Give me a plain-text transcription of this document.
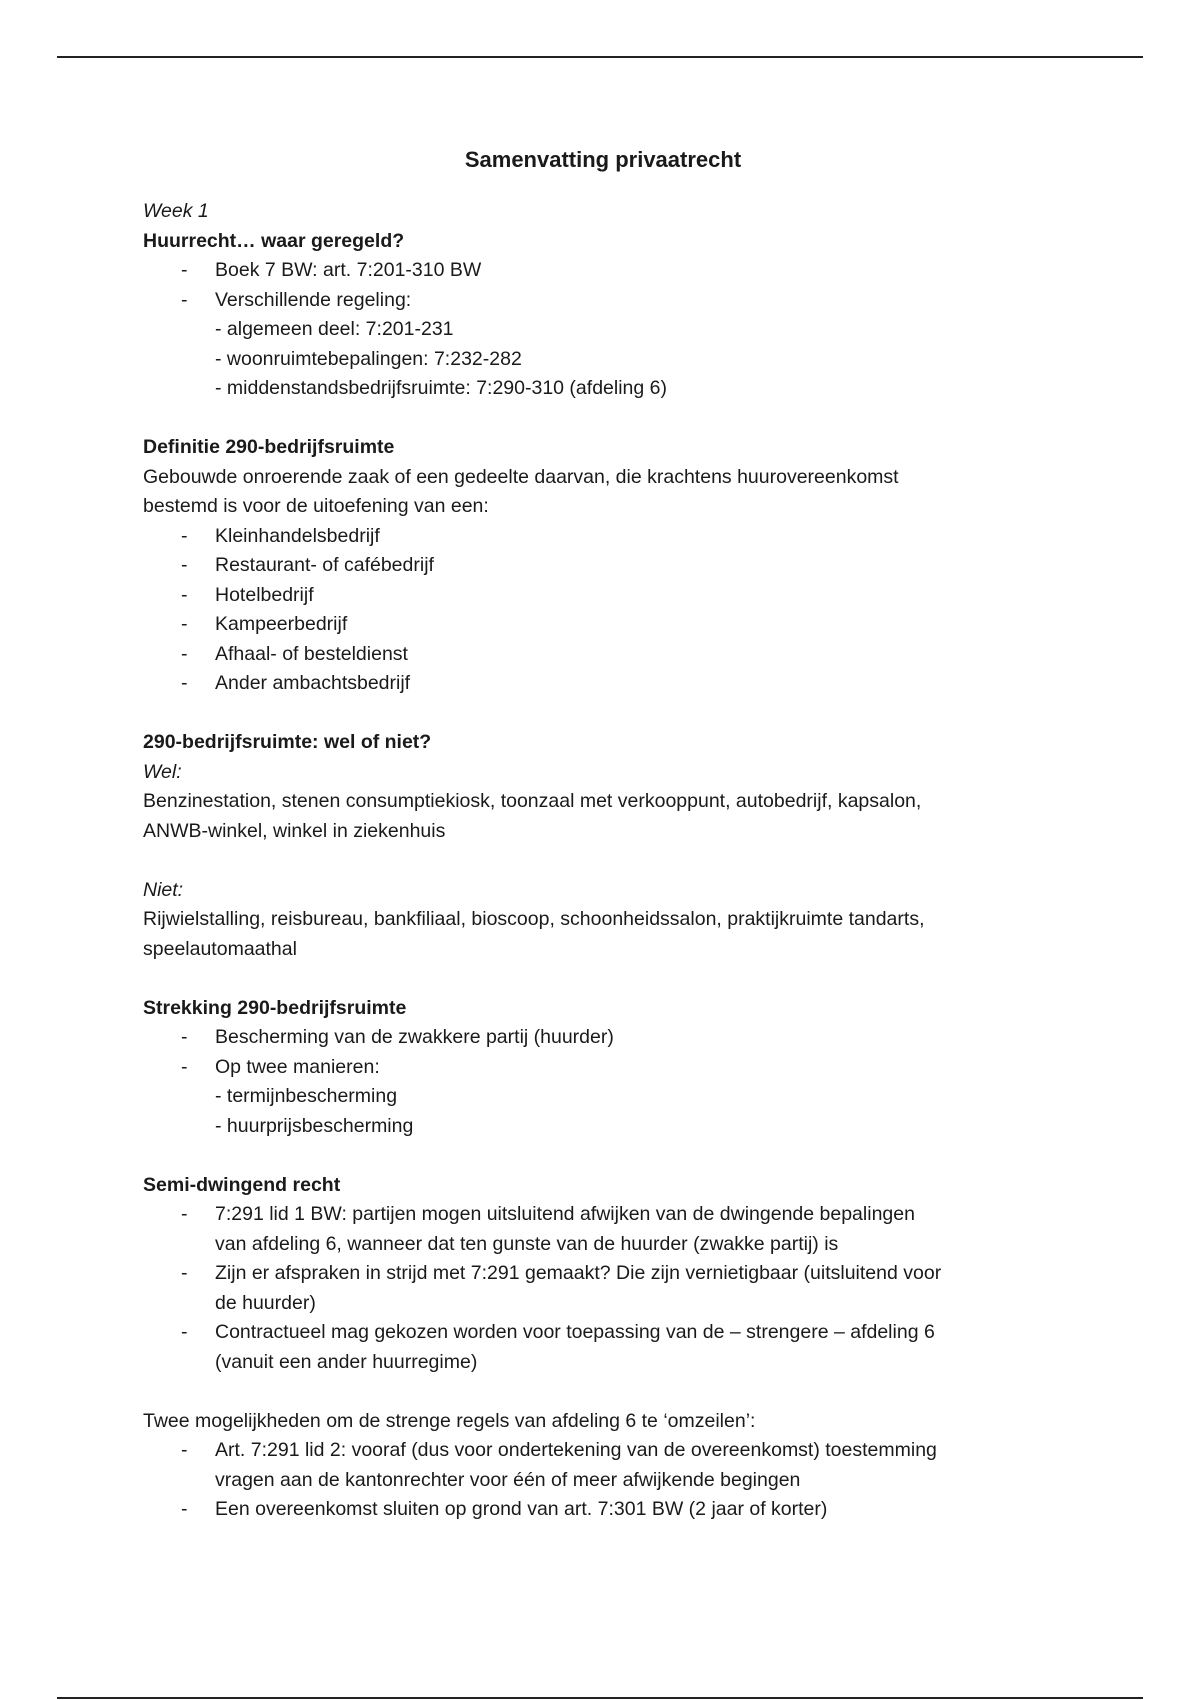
Samenvatting privaatrecht

Week 1

Huurrecht… waar geregeld?

- Boek 7 BW: art. 7:201-310 BW
- Verschillende regeling:
- algemeen deel: 7:201-231
- woonruimtebepalingen: 7:232-282
- middenstandsbedrijfsruimte: 7:290-310 (afdeling 6)

Definitie 290-bedrijfsruimte

Gebouwde onroerende zaak of een gedeelte daarvan, die krachtens huurovereenkomst

bestemd is voor de uitoefening van een:

- Kleinhandelsbedrijf
- Restaurant- of cafébedrijf
- Hotelbedrijf
- Kampeerbedrijf
- Afhaal- of besteldienst
- Ander ambachtsbedrijf

290-bedrijfsruimte: wel of niet?

Wel:

Benzinestation, stenen consumptiekiosk, toonzaal met verkooppunt, autobedrijf, kapsalon,

ANWB-winkel, winkel in ziekenhuis

Niet:

Rijwielstalling, reisbureau, bankfiliaal, bioscoop, schoonheidssalon, praktijkruimte tandarts,

speelautomaathal

Strekking 290-bedrijfsruimte

- Bescherming van de zwakkere partij (huurder)
- Op twee manieren:
- termijnbescherming
- huurprijsbescherming

Semi-dwingend recht

- 7:291 lid 1 BW: partijen mogen uitsluitend afwijken van de dwingende bepalingen
van afdeling 6, wanneer dat ten gunste van de huurder (zwakke partij) is
- Zijn er afspraken in strijd met 7:291 gemaakt? Die zijn vernietigbaar (uitsluitend voor
de huurder)
- Contractueel mag gekozen worden voor toepassing van de – strengere – afdeling 6
(vanuit een ander huurregime)

Twee mogelijkheden om de strenge regels van afdeling 6 te ‘omzeilen’:

- Art. 7:291 lid 2: vooraf (dus voor ondertekening van de overeenkomst) toestemming
vragen aan de kantonrechter voor één of meer afwijkende begingen
- Een overeenkomst sluiten op grond van art. 7:301 BW (2 jaar of korter)
